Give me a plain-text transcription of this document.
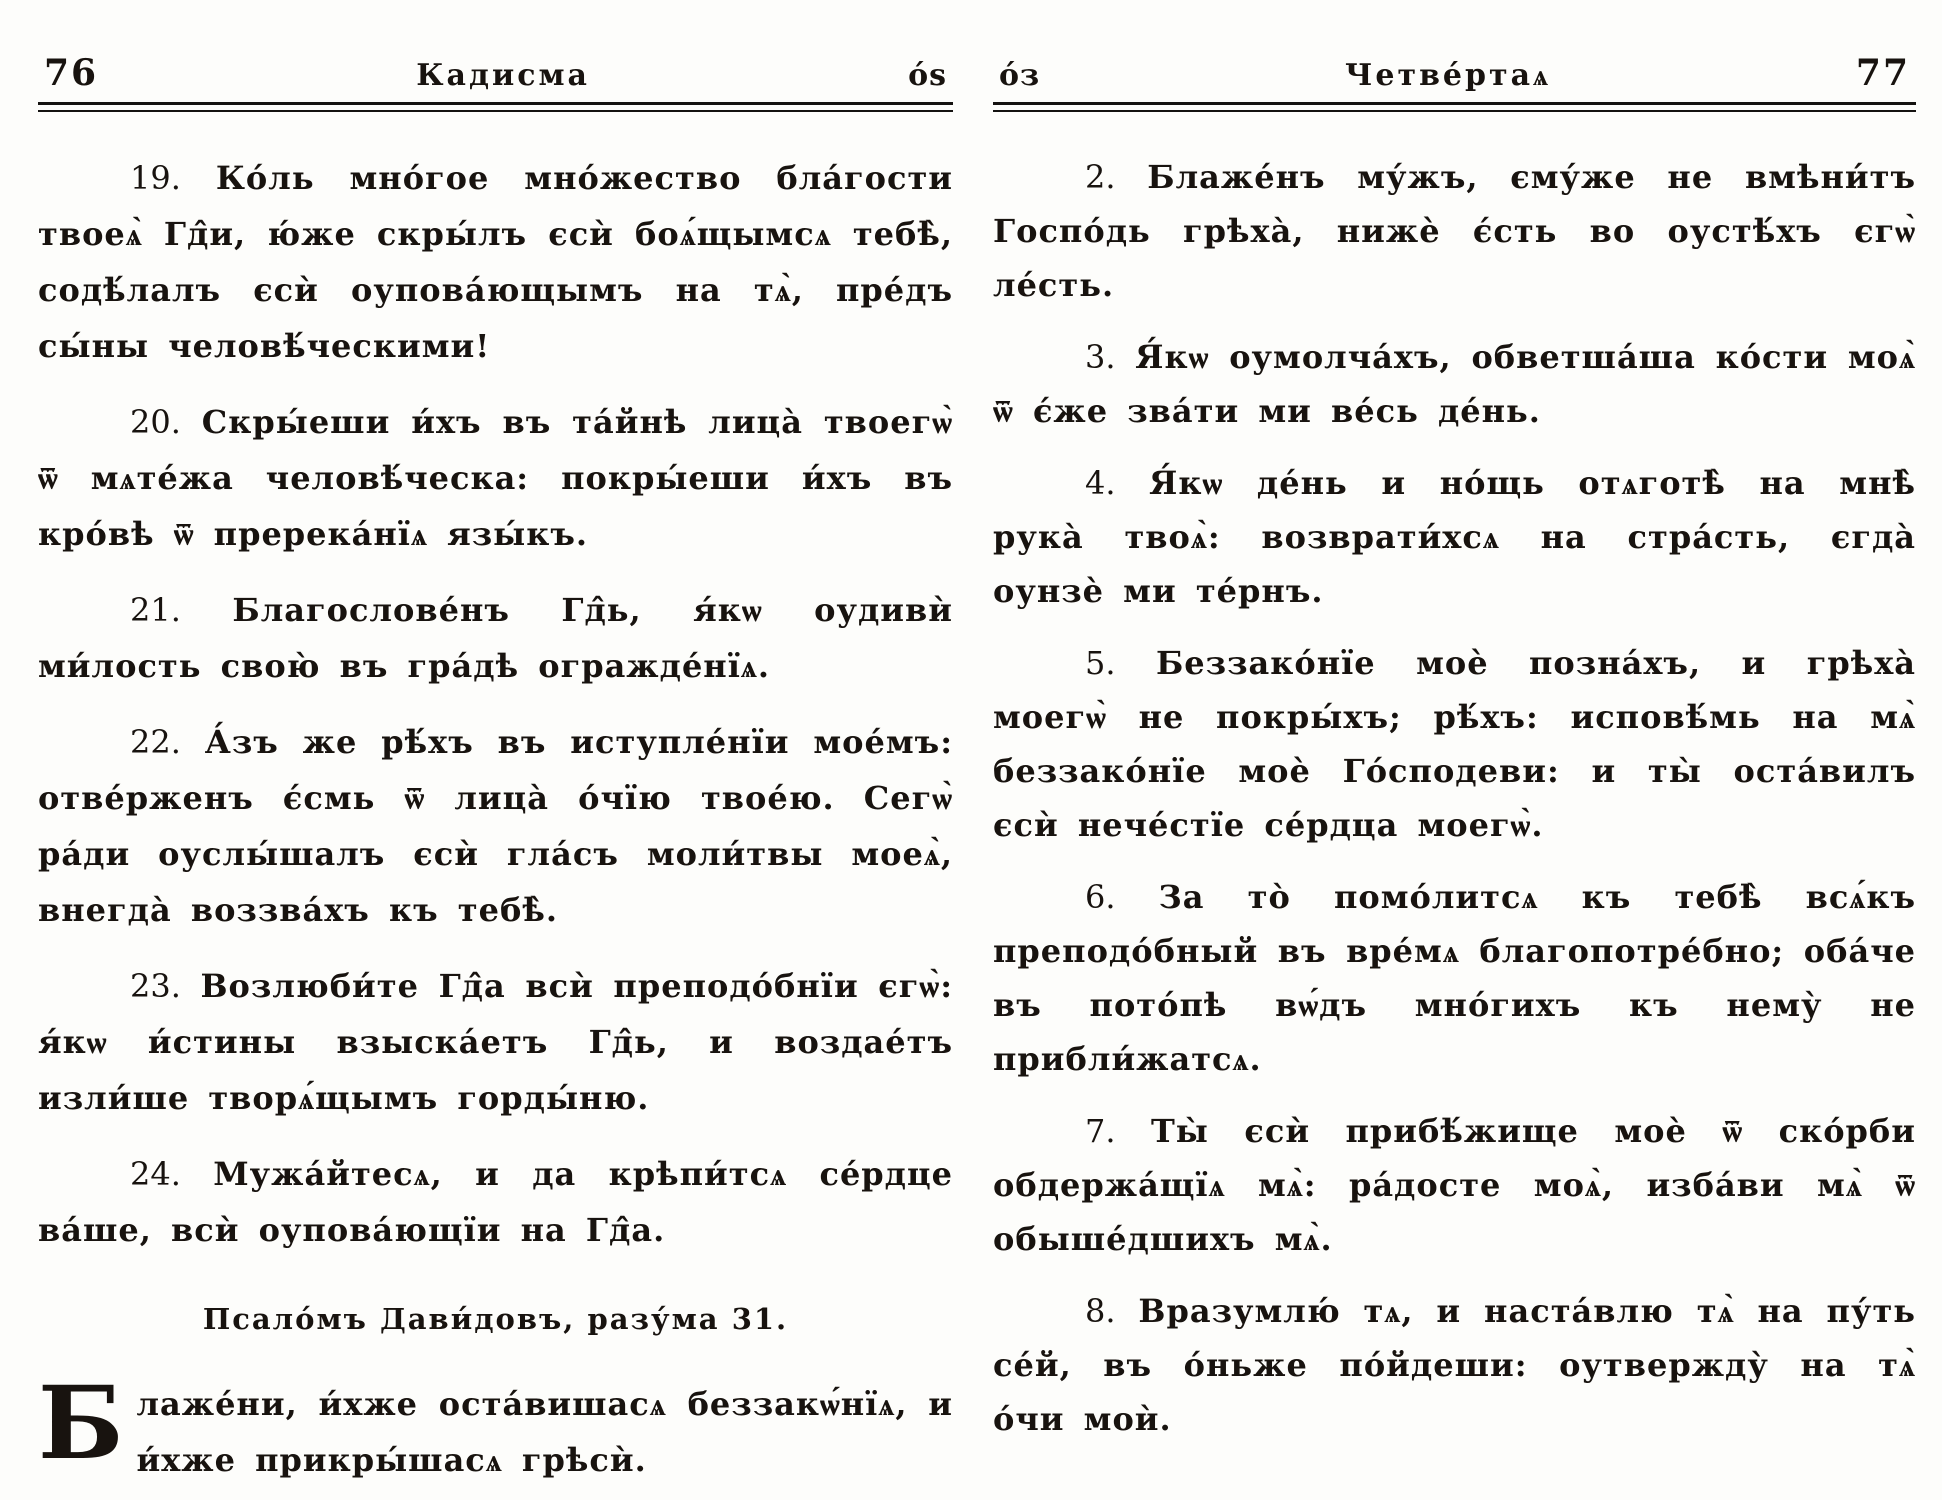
76	Кадисма	о́ѕ

19. Ко́ль мно́гое мно́жество бла́гости твоеѧ̀ Гд̂и, ю́же скры́лъ єсѝ боѧ́щымсѧ тебѣ̀, содѣ́лалъ єсѝ оупова́ющымъ на тѧ̀, пре́дъ сы́ны человѣ́ческими!

20. Скры́еши и́хъ въ та́йнѣ лица̀ твоегѡ̀ ѿ мѧте́жа человѣ́ческа: покры́еши и́хъ въ кро́вѣ ѿ пререка́нїѧ язы́къ.

21. Благослове́нъ Гд̂ь, я́кѡ оудивѝ ми́лость свою̀ въ гра́дѣ огражде́нїѧ.

22. А́зъ же рѣ́хъ въ иступле́нїи мое́мъ: отве́рженъ є́смь ѿ лица̀ о́чїю твое́ю. Сегѡ̀ ра́ди оуслы́шалъ єсѝ гла́съ моли́твы моеѧ̀, внегда̀ воззва́хъ къ тебѣ̀.

23. Возлюби́те Гд̂а всѝ преподо́бнїи єгѡ̀: я́кѡ и́стины взыска́етъ Гд̂ь, и воздае́тъ изли́ше творѧ́щымъ горды́ню.

24. Мужа́йтесѧ, и да крѣпи́тсѧ се́рдце ва́ше, всѝ оупова́ющїи на Гд̂а.

Псало́мъ Дави́довъ, разу́ма 31.

Блаже́ни, и́хже оста́вишасѧ беззакѡ́нїѧ, и и́хже прикры́шасѧ грѣсѝ.

о́з	Четве́ртаѧ	77

2. Блаже́нъ му́жъ, єму́же не вмѣни́тъ Госпо́дь грѣха̀, нижѐ є́сть во оустѣ́хъ єгѡ̀ ле́сть.

3. Я́кѡ оумолча́хъ, обветша́ша ко́сти моѧ̀ ѿ є́же зва́ти ми ве́сь де́нь.

4. Я́кѡ де́нь и но́щь отѧготѣ̀ на мнѣ̀ рука̀ твоѧ̀: возврати́хсѧ на стра́сть, єгда̀ оунзѐ ми те́рнъ.

5. Беззако́нїе моѐ позна́хъ, и грѣха̀ моегѡ̀ не покры́хъ; рѣ́хъ: исповѣ́мь на мѧ̀ беззако́нїе моѐ Го́сподеви: и ты̀ оста́вилъ єсѝ нече́стїе се́рдца моегѡ̀.

6. За то̀ помо́литсѧ къ тебѣ̀ всѧ́къ преподо́бный въ вре́мѧ благопотре́бно; оба́че въ пото́пѣ вѡ́дъ мно́гихъ къ нему̀ не прибли́жатсѧ.

7. Ты̀ єсѝ прибѣ́жище моѐ ѿ ско́рби обдержа́щїѧ мѧ̀: ра́досте моѧ̀, изба́ви мѧ̀ ѿ обыше́дшихъ мѧ̀.

8. Вразумлю́ тѧ, и наста́влю тѧ̀ на пу́ть се́й, въ о́ньже по́йдеши: оутвержду̀ на тѧ̀ о́чи моѝ.
